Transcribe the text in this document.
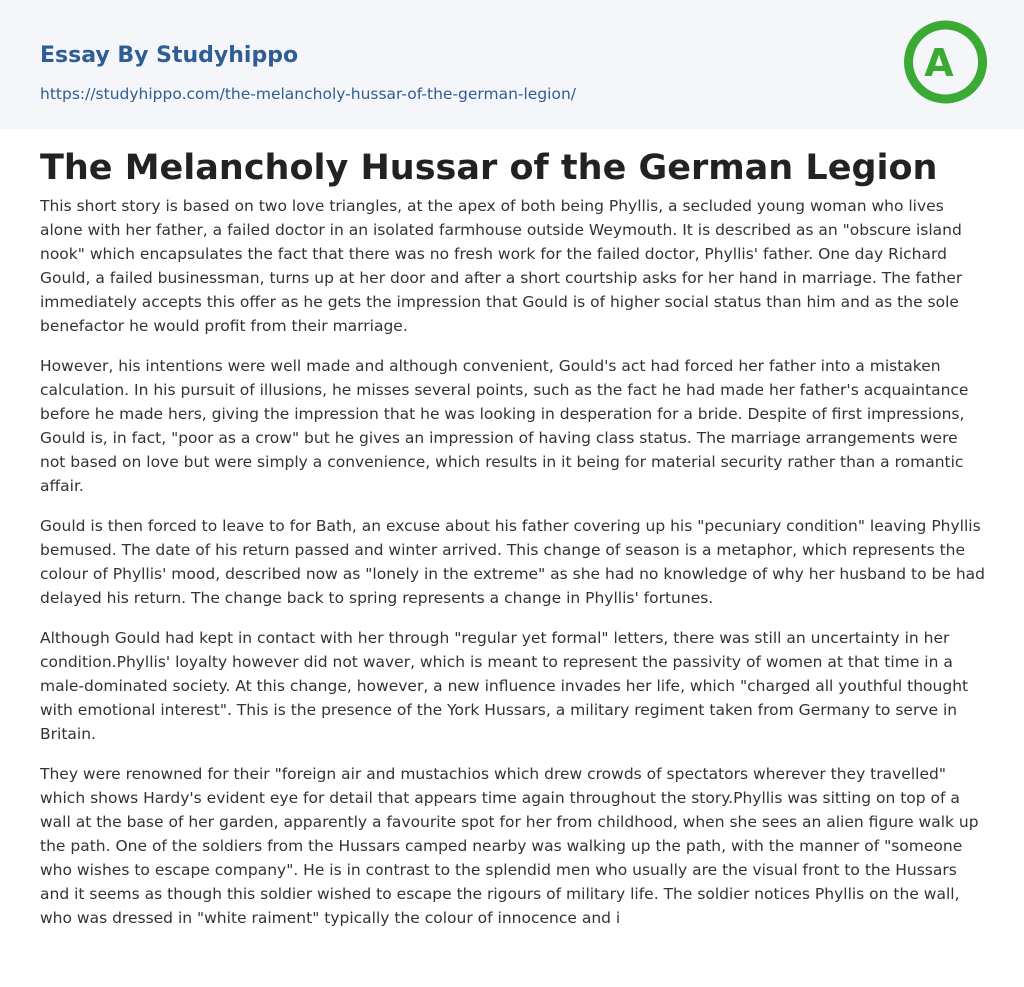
Essay By Studyhippo
https://studyhippo.com/the-melancholy-hussar-of-the-german-legion/
A
The Melancholy Hussar of the German Legion

This short story is based on two love triangles, at the apex of both being Phyllis, a secluded young woman who lives alone with her father, a failed doctor in an isolated farmhouse outside Weymouth. It is described as an "obscure island nook" which encapsulates the fact that there was no fresh work for the failed doctor, Phyllis' father. One day Richard Gould, a failed businessman, turns up at her door and after a short courtship asks for her hand in marriage. The father immediately accepts this offer as he gets the impression that Gould is of higher social status than him and as the sole benefactor he would profit from their marriage.

However, his intentions were well made and although convenient, Gould's act had forced her father into a mistaken calculation. In his pursuit of illusions, he misses several points, such as the fact he had made her father's acquaintance before he made hers, giving the impression that he was looking in desperation for a bride. Despite of first impressions, Gould is, in fact, "poor as a crow" but he gives an impression of having class status. The marriage arrangements were not based on love but were simply a convenience, which results in it being for material security rather than a romantic affair.

Gould is then forced to leave to for Bath, an excuse about his father covering up his "pecuniary condition" leaving Phyllis bemused. The date of his return passed and winter arrived. This change of season is a metaphor, which represents the colour of Phyllis' mood, described now as "lonely in the extreme" as she had no knowledge of why her husband to be had delayed his return. The change back to spring represents a change in Phyllis' fortunes.

Although Gould had kept in contact with her through "regular yet formal" letters, there was still an uncertainty in her condition.Phyllis' loyalty however did not waver, which is meant to represent the passivity of women at that time in a male-dominated society. At this change, however, a new influence invades her life, which "charged all youthful thought with emotional interest". This is the presence of the York Hussars, a military regiment taken from Germany to serve in Britain.

They were renowned for their "foreign air and mustachios which drew crowds of spectators wherever they travelled" which shows Hardy's evident eye for detail that appears time again throughout the story.Phyllis was sitting on top of a wall at the base of her garden, apparently a favourite spot for her from childhood, when she sees an alien figure walk up the path. One of the soldiers from the Hussars camped nearby was walking up the path, with the manner of "someone who wishes to escape company". He is in contrast to the splendid men who usually are the visual front to the Hussars and it seems as though this soldier wished to escape the rigours of military life. The soldier notices Phyllis on the wall, who was dressed in "white raiment" typically the colour of innocence and i
